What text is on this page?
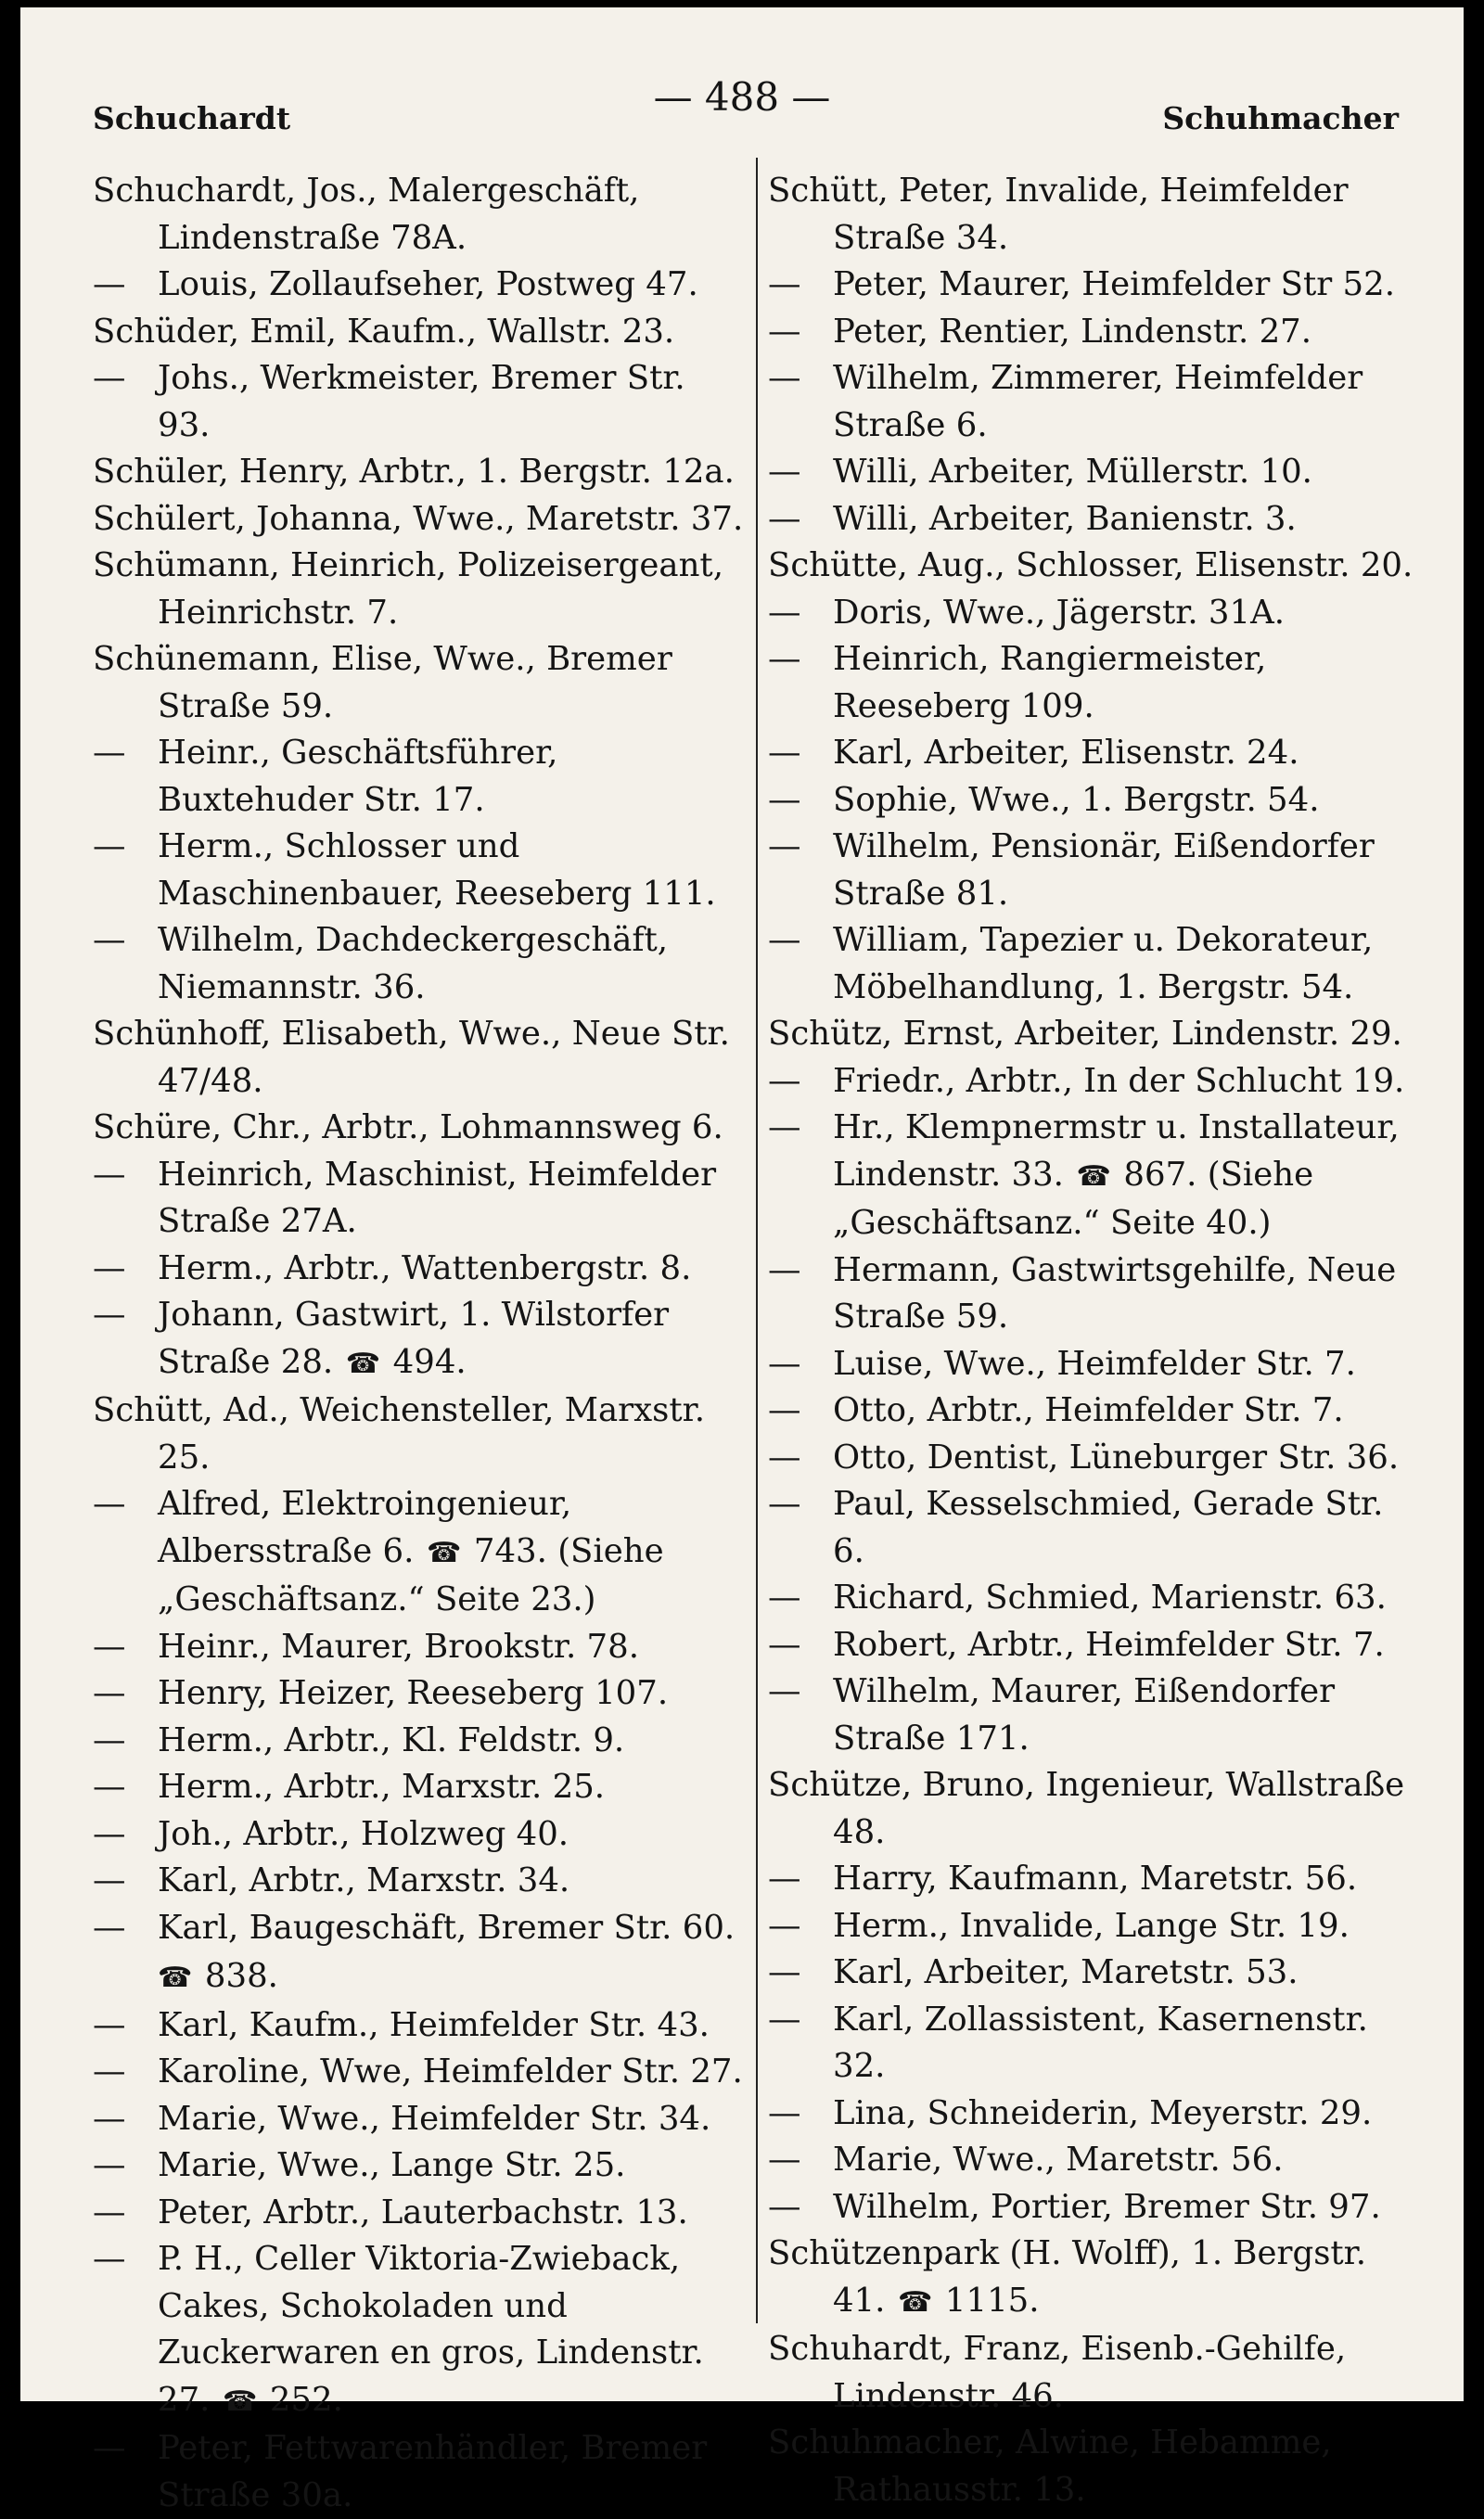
Schuchardt	— 488 —	Schuhmacher
Schuchardt, Jos., Malergeschäft, Lindenstraße 78A.
— Louis, Zollaufseher, Postweg 47.
Schüder, Emil, Kaufm., Wallstr. 23.
— Johs., Werkmeister, Bremer Str. 93.
Schüler, Henry, Arbtr., 1. Bergstr. 12a.
Schülert, Johanna, Wwe., Maretstr. 37.
Schümann, Heinrich, Polizeisergeant, Heinrichstr. 7.
Schünemann, Elise, Wwe., Bremer Straße 59.
— Heinr., Geschäftsführer, Buxtehuder Str. 17.
— Herm., Schlosser und Maschinenbauer, Reeseberg 111.
— Wilhelm, Dachdeckergeschäft, Niemannstr. 36.
Schünhoff, Elisabeth, Wwe., Neue Str. 47/48.
Schüre, Chr., Arbtr., Lohmannsweg 6.
— Heinrich, Maschinist, Heimfelder Straße 27A.
— Herm., Arbtr., Wattenbergstr. 8.
— Johann, Gastwirt, 1. Wilstorfer Straße 28. ☎ 494.
Schütt, Ad., Weichensteller, Marxstr. 25.
— Alfred, Elektroingenieur, Albersstraße 6. ☎ 743. (Siehe „Geschäftsanz.“ Seite 23.)
— Heinr., Maurer, Brookstr. 78.
— Henry, Heizer, Reeseberg 107.
— Herm., Arbtr., Kl. Feldstr. 9.
— Herm., Arbtr., Marxstr. 25.
— Joh., Arbtr., Holzweg 40.
— Karl, Arbtr., Marxstr. 34.
— Karl, Baugeschäft, Bremer Str. 60. ☎ 838.
— Karl, Kaufm., Heimfelder Str. 43.
— Karoline, Wwe, Heimfelder Str. 27.
— Marie, Wwe., Heimfelder Str. 34.
— Marie, Wwe., Lange Str. 25.
— Peter, Arbtr., Lauterbachstr. 13.
— P. H., Celler Viktoria-Zwieback, Cakes, Schokoladen und Zuckerwaren en gros, Lindenstr. 27. ☎ 252.
— Peter, Fettwarenhändler, Bremer Straße 30a.
Schütt, Peter, Invalide, Heimfelder Straße 34.
— Peter, Maurer, Heimfelder Str 52.
— Peter, Rentier, Lindenstr. 27.
— Wilhelm, Zimmerer, Heimfelder Straße 6.
— Willi, Arbeiter, Müllerstr. 10.
— Willi, Arbeiter, Banienstr. 3.
Schütte, Aug., Schlosser, Elisenstr. 20.
— Doris, Wwe., Jägerstr. 31A.
— Heinrich, Rangiermeister, Reeseberg 109.
— Karl, Arbeiter, Elisenstr. 24.
— Sophie, Wwe., 1. Bergstr. 54.
— Wilhelm, Pensionär, Eißendorfer Straße 81.
— William, Tapezier u. Dekorateur, Möbelhandlung, 1. Bergstr. 54.
Schütz, Ernst, Arbeiter, Lindenstr. 29.
— Friedr., Arbtr., In der Schlucht 19.
— Hr., Klempnermstr u. Installateur, Lindenstr. 33. ☎ 867. (Siehe „Geschäftsanz.“ Seite 40.)
— Hermann, Gastwirtsgehilfe, Neue Straße 59.
— Luise, Wwe., Heimfelder Str. 7.
— Otto, Arbtr., Heimfelder Str. 7.
— Otto, Dentist, Lüneburger Str. 36.
— Paul, Kesselschmied, Gerade Str. 6.
— Richard, Schmied, Marienstr. 63.
— Robert, Arbtr., Heimfelder Str. 7.
— Wilhelm, Maurer, Eißendorfer Straße 171.
Schütze, Bruno, Ingenieur, Wallstraße 48.
— Harry, Kaufmann, Maretstr. 56.
— Herm., Invalide, Lange Str. 19.
— Karl, Arbeiter, Maretstr. 53.
— Karl, Zollassistent, Kasernenstr. 32.
— Lina, Schneiderin, Meyerstr. 29.
— Marie, Wwe., Maretstr. 56.
— Wilhelm, Portier, Bremer Str. 97.
Schützenpark (H. Wolff), 1. Bergstr. 41. ☎ 1115.
Schuhardt, Franz, Eisenb.-Gehilfe, Lindenstr. 46.
Schuhmacher, Alwine, Hebamme, Rathausstr. 13.
